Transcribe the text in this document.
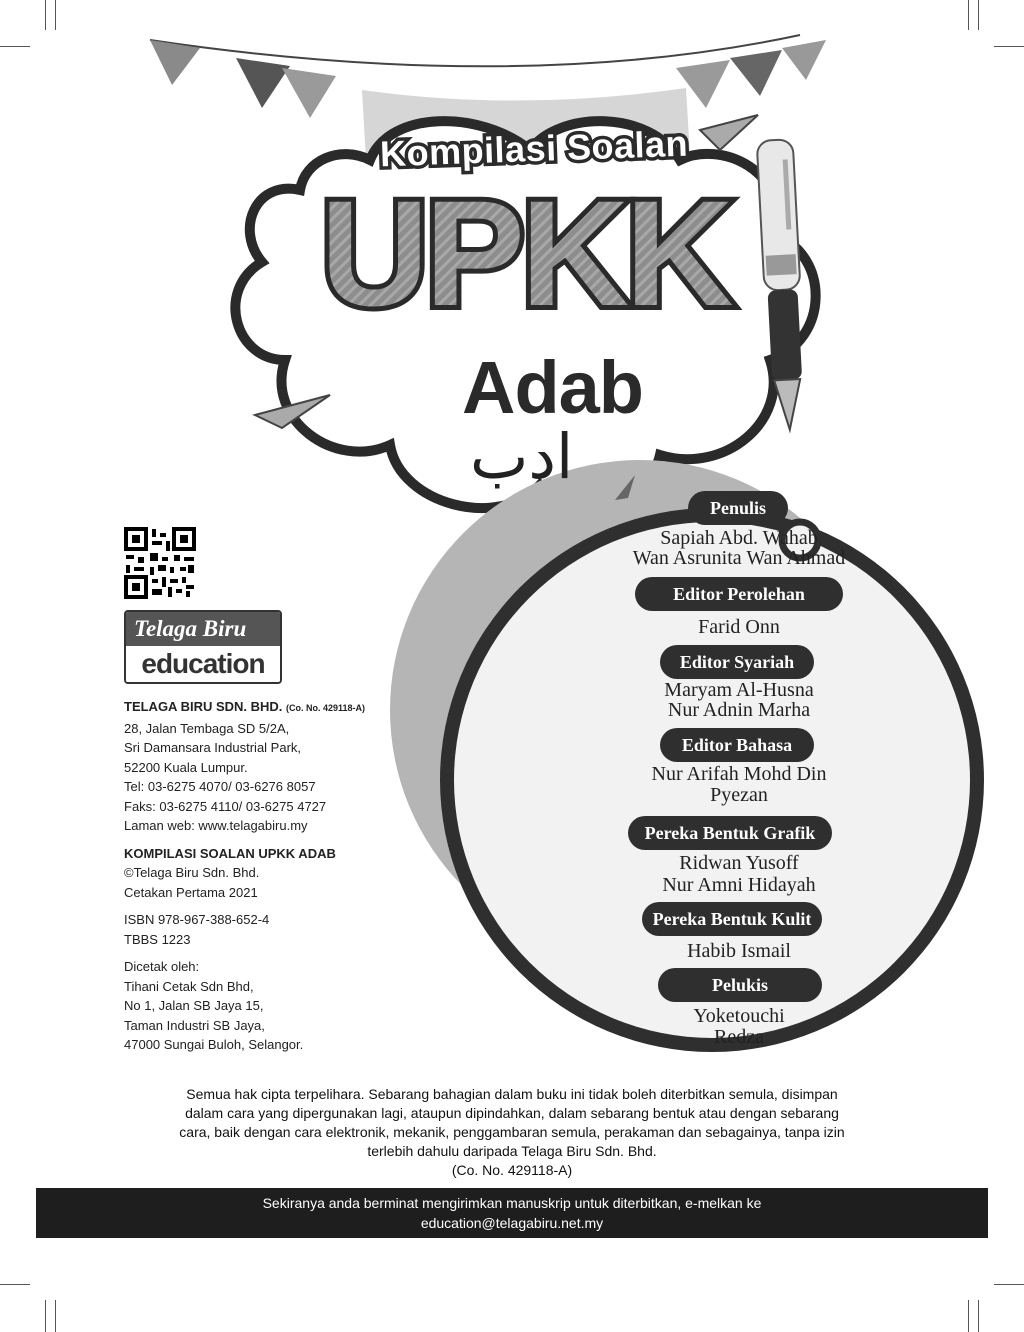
Kompilasi Soalan
UPKK
Adab
ادب
Telaga Biru
education
TELAGA BIRU SDN. BHD. (Co. No. 429118-A)
28, Jalan Tembaga SD 5/2A,
Sri Damansara Industrial Park,
52200 Kuala Lumpur.
Tel: 03-6275 4070/ 03-6276 8057
Faks: 03-6275 4110/ 03-6275 4727
Laman web: www.telagabiru.my
KOMPILASI SOALAN UPKK ADAB
©Telaga Biru Sdn. Bhd.
Cetakan Pertama 2021
ISBN 978-967-388-652-4
TBBS 1223
Dicetak oleh:
Tihani Cetak Sdn Bhd,
No 1, Jalan SB Jaya 15,
Taman Industri SB Jaya,
47000 Sungai Buloh, Selangor.
Penulis
Sapiah Abd. Wahab
Wan Asrunita Wan Ahmad
Editor Perolehan
Farid Onn
Editor Syariah
Maryam Al-Husna
Nur Adnin Marha
Editor Bahasa
Nur Arifah Mohd Din
Pyezan
Pereka Bentuk Grafik
Ridwan Yusoff
Nur Amni Hidayah
Pereka Bentuk Kulit
Habib Ismail
Pelukis
Yoketouchi
Redza
Semua hak cipta terpelihara. Sebarang bahagian dalam buku ini tidak boleh diterbitkan semula, disimpan
dalam cara yang dipergunakan lagi, ataupun dipindahkan, dalam sebarang bentuk atau dengan sebarang
cara, baik dengan cara elektronik, mekanik, penggambaran semula, perakaman dan sebagainya, tanpa izin
terlebih dahulu daripada Telaga Biru Sdn. Bhd.
(Co. No. 429118-A)
Sekiranya anda berminat mengirimkan manuskrip untuk diterbitkan, e-melkan ke
education@telagabiru.net.my
